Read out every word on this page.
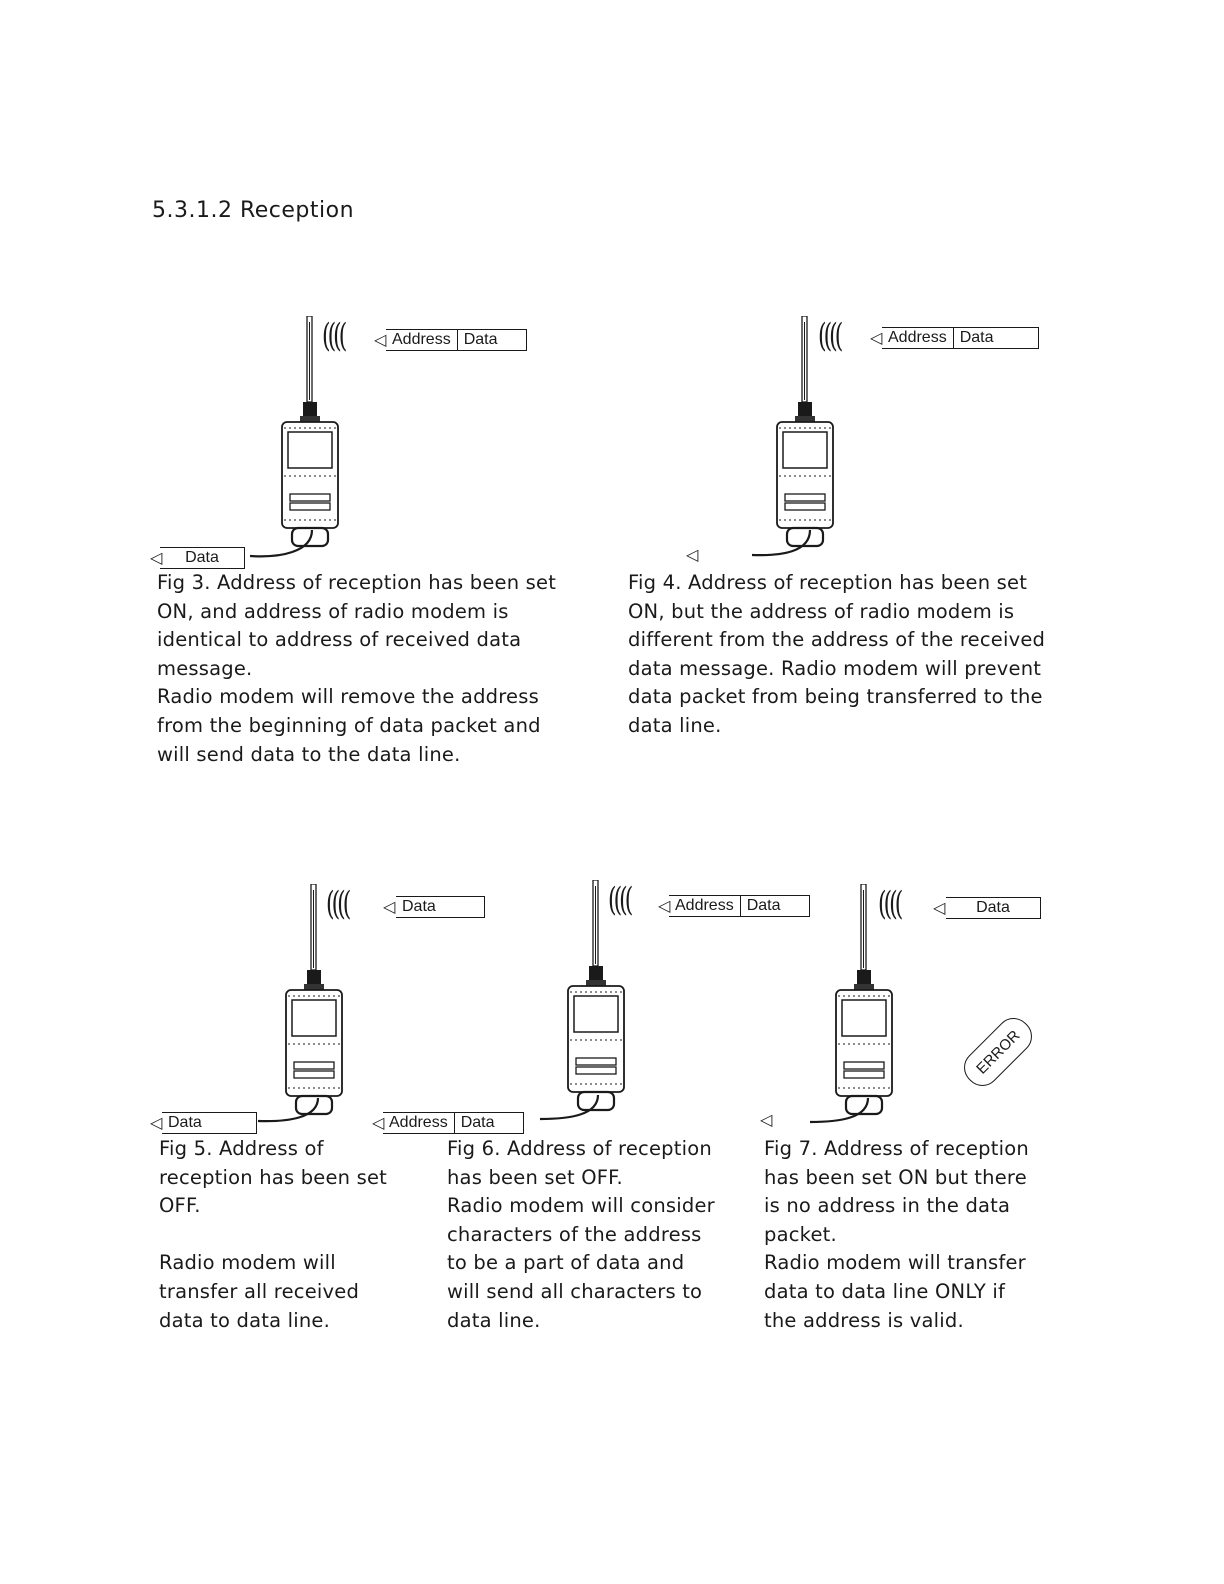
5.3.1.2 Reception
(((( ◁ Address Data
◁	Data

Fig 3. Address of reception has been set

ON, and address of radio modem is

identical to address of received data

message.

Radio modem will remove the address

from the beginning of data packet and

will send data to the data line.

(((( ◁ Address Data
◁

Fig 4. Address of reception has been set

ON, but the address of radio modem is

different from the address of the received

data message. Radio modem will prevent

data packet from being transferred to the

data line.

(((( ◁ Data
◁ Data

Fig 5. Address of

reception has been set

OFF.

Radio modem will

transfer all received

data to data line.

(((( ◁ Address Data
◁ Address Data

Fig 6. Address of reception

has been set OFF.

Radio modem will consider

characters of the address

to be a part of data and

will send all characters to

data line.

(((( ◁	Data
ERROR
◁

Fig 7. Address of reception

has been set ON but there

is no address in the data

packet.

Radio modem will transfer

data to data line ONLY if

the address is valid.
